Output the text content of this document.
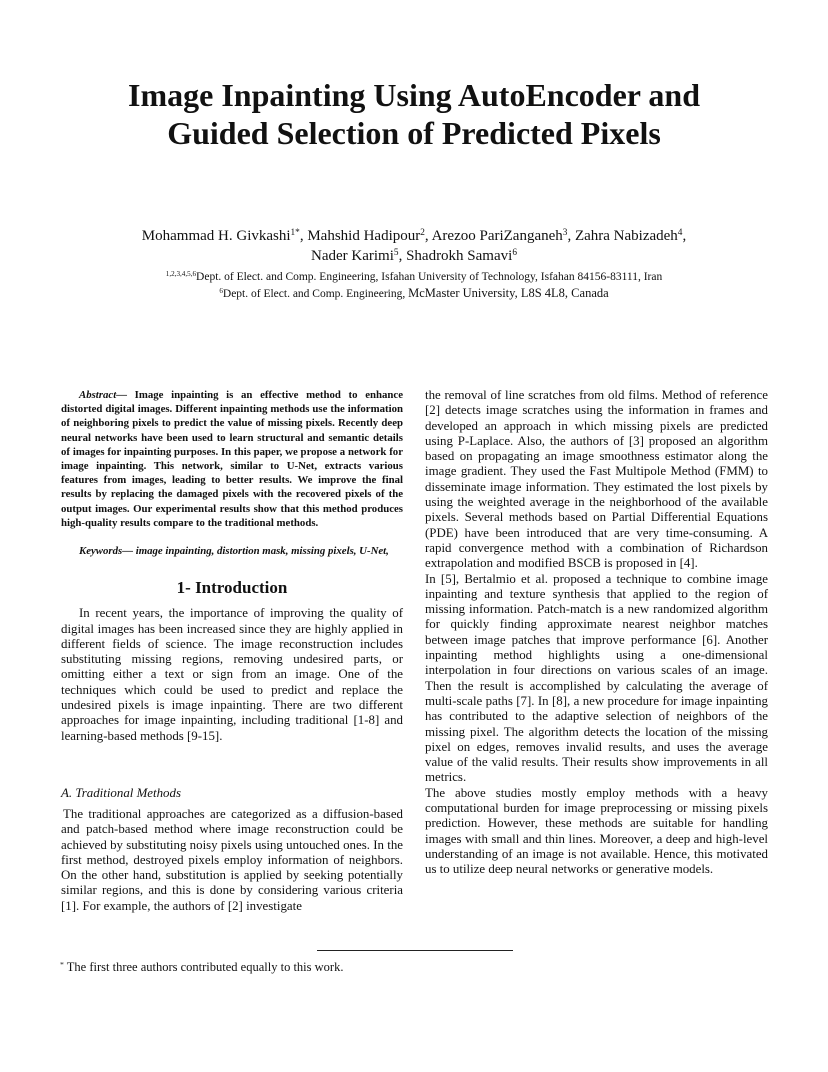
Image Inpainting Using AutoEncoder and
Guided Selection of Predicted Pixels
Mohammad H. Givkashi$^{1*}$, Mahshid Hadipour$^2$, Arezoo PariZanganeh$^3$, Zahra Nabizadeh$^4$,
Nader Karimi$^5$, Shadrokh Samavi$^6$
$^{1,2,3,4,5,6}$Dept. of Elect. and Comp. Engineering, Isfahan University of Technology, Isfahan 84156-83111, Iran
$^6$Dept. of Elect. and Comp. Engineering, McMaster University, L8S 4L8, Canada

Abstract— Image inpainting is an effective method to enhance distorted digital images. Different inpainting methods use the information of neighboring pixels to predict the value of missing pixels. Recently deep neural networks have been used to learn structural and semantic details of images for inpainting purposes. In this paper, we propose a network for image inpainting. This network, similar to U-Net, extracts various features from images, leading to better results. We improve the final results by replacing the damaged pixels with the recovered pixels of the output images. Our experimental results show that this method produces high-quality results compare to the traditional methods.

Keywords— image inpainting, distortion mask, missing pixels, U-Net,

1- Introduction

In recent years, the importance of improving the quality of digital images has been increased since they are highly applied in different fields of science. The image reconstruction includes substituting missing regions, removing undesired parts, or omitting either a text or sign from an image. One of the techniques which could be used to predict and replace the undesired pixels is image inpainting. There are two different approaches for image inpainting, including traditional [1-8] and learning-based methods [9-15].

A. Traditional Methods

The traditional approaches are categorized as a diffusion-based and patch-based method where image reconstruction could be achieved by substituting noisy pixels using untouched ones. In the first method, destroyed pixels employ information of neighbors. On the other hand, substitution is applied by seeking potentially similar regions, and this is done by considering various criteria [1]. For example, the authors of [2] investigate

the removal of line scratches from old films. Method of reference [2] detects image scratches using the information in frames and developed an approach in which missing pixels are predicted using P-Laplace. Also, the authors of [3] proposed an algorithm based on propagating an image smoothness estimator along the image gradient. They used the Fast Multipole Method (FMM) to disseminate image information. They estimated the lost pixels by using the weighted average in the neighborhood of the available pixels. Several methods based on Partial Differential Equations (PDE) have been introduced that are very time-consuming. A rapid convergence method with a combination of Richardson extrapolation and modified BSCB is proposed in [4].

In [5], Bertalmio et al. proposed a technique to combine image inpainting and texture synthesis that applied to the region of missing information. Patch-match is a new randomized algorithm for quickly finding approximate nearest neighbor matches between image patches that improve performance [6]. Another inpainting method highlights using a one-dimensional interpolation in four directions on various scales of an image. Then the result is accomplished by calculating the average of multi-scale paths [7]. In [8], a new procedure for image inpainting has contributed to the adaptive selection of neighbors of the missing pixel. The algorithm detects the location of the missing pixel on edges, removes invalid results, and uses the average value of the valid results. Their results show improvements in all metrics.

The above studies mostly employ methods with a heavy computational burden for image preprocessing or missing pixels prediction. However, these methods are suitable for handling images with small and thin lines. Moreover, a deep and high-level understanding of an image is not available. Hence, this motivated us to utilize deep neural networks or generative models.

* The first three authors contributed equally to this work.
